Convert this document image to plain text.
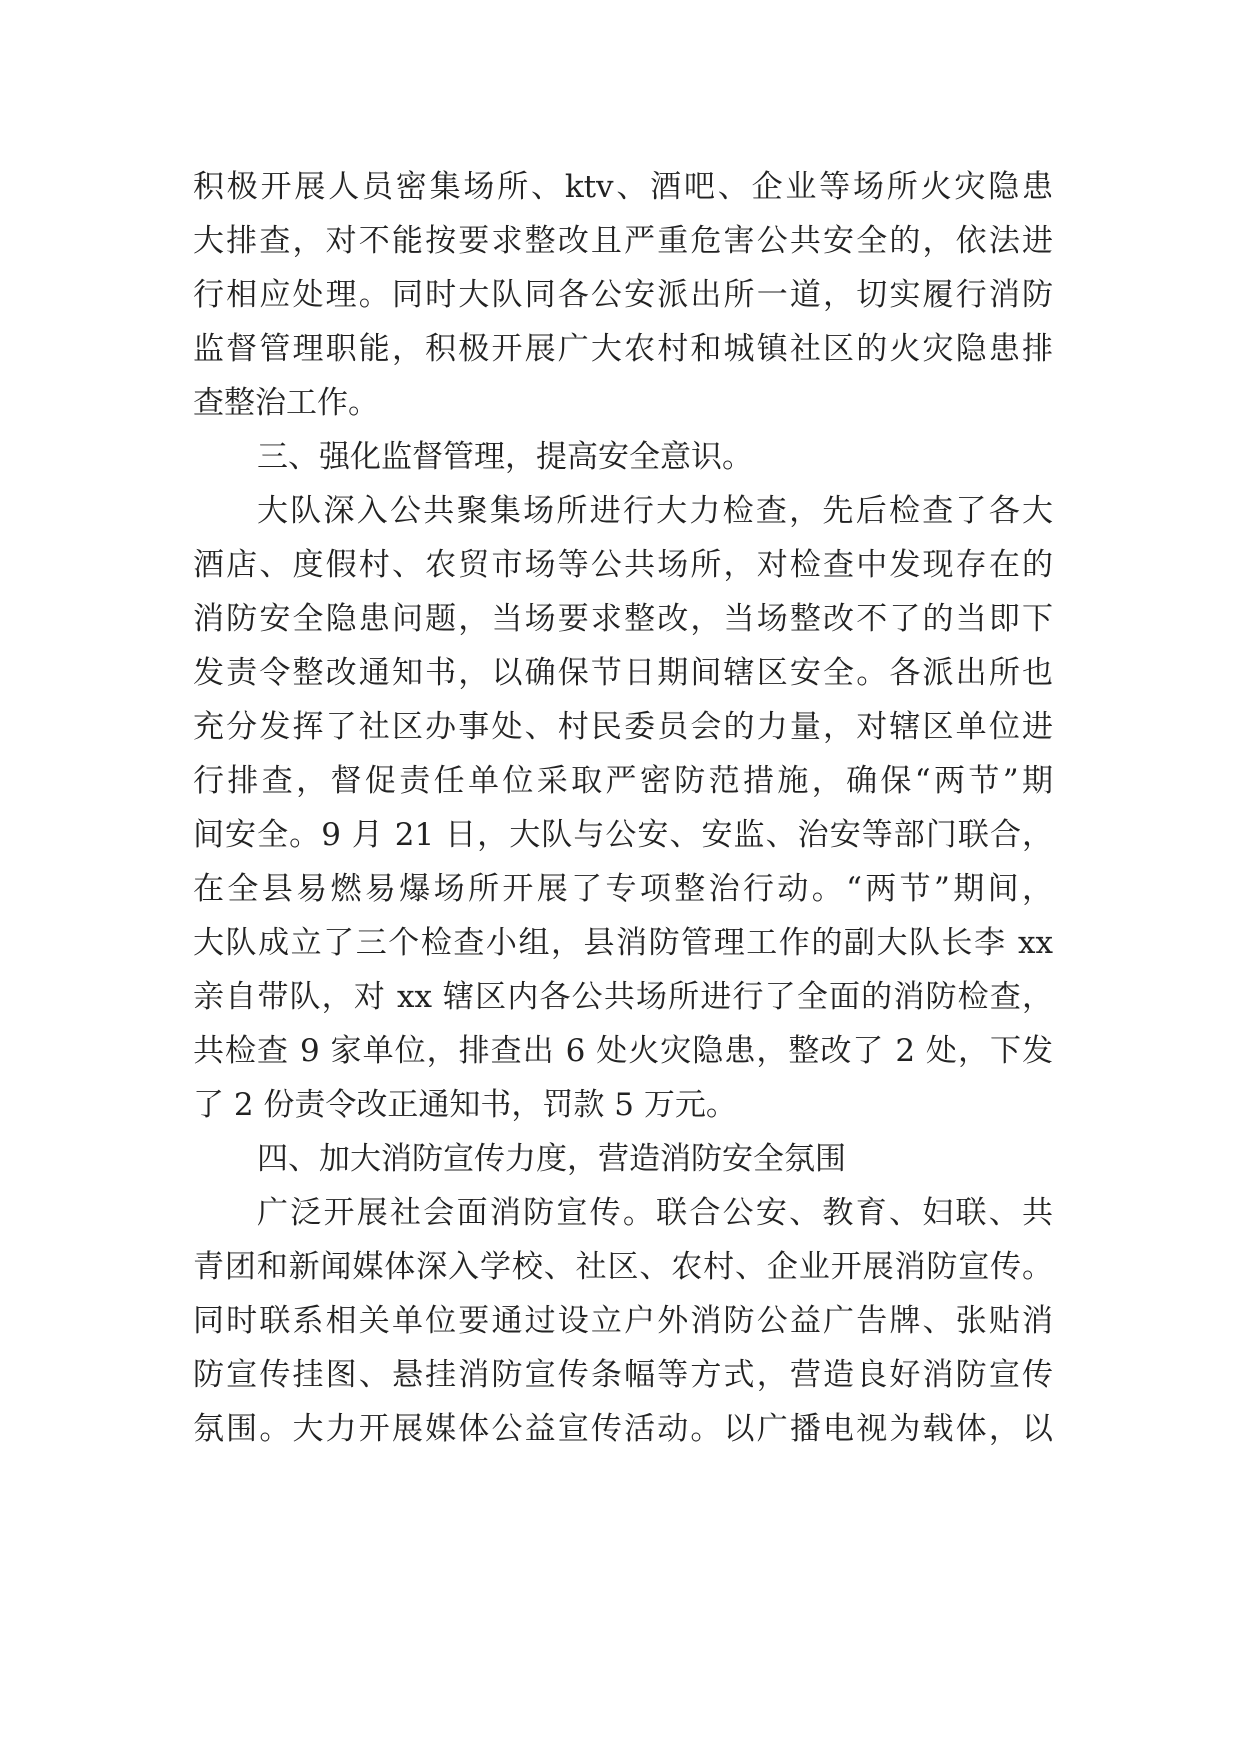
积极开展人员密集场所、ktv、酒吧、企业等场所火灾隐患
大排查，对不能按要求整改且严重危害公共安全的，依法进
行相应处理。同时大队同各公安派出所一道，切实履行消防
监督管理职能，积极开展广大农村和城镇社区的火灾隐患排
查整治工作。
三、强化监督管理，提高安全意识。
大队深入公共聚集场所进行大力检查，先后检查了各大
酒店、度假村、农贸市场等公共场所，对检查中发现存在的
消防安全隐患问题，当场要求整改，当场整改不了的当即下
发责令整改通知书，以确保节日期间辖区安全。各派出所也
充分发挥了社区办事处、村民委员会的力量，对辖区单位进
行排查，督促责任单位采取严密防范措施，确保“两节”期
间安全。9 月 21 日，大队与公安、安监、治安等部门联合，
在全县易燃易爆场所开展了专项整治行动。“两节”期间，
大队成立了三个检查小组，县消防管理工作的副大队长李 xx
亲自带队，对 xx 辖区内各公共场所进行了全面的消防检查，
共检查 9 家单位，排查出 6 处火灾隐患，整改了 2 处，下发
了 2 份责令改正通知书，罚款 5 万元。
四、加大消防宣传力度，营造消防安全氛围
广泛开展社会面消防宣传。联合公安、教育、妇联、共
青团和新闻媒体深入学校、社区、农村、企业开展消防宣传。
同时联系相关单位要通过设立户外消防公益广告牌、张贴消
防宣传挂图、悬挂消防宣传条幅等方式，营造良好消防宣传
氛围。大力开展媒体公益宣传活动。以广播电视为载体，以
